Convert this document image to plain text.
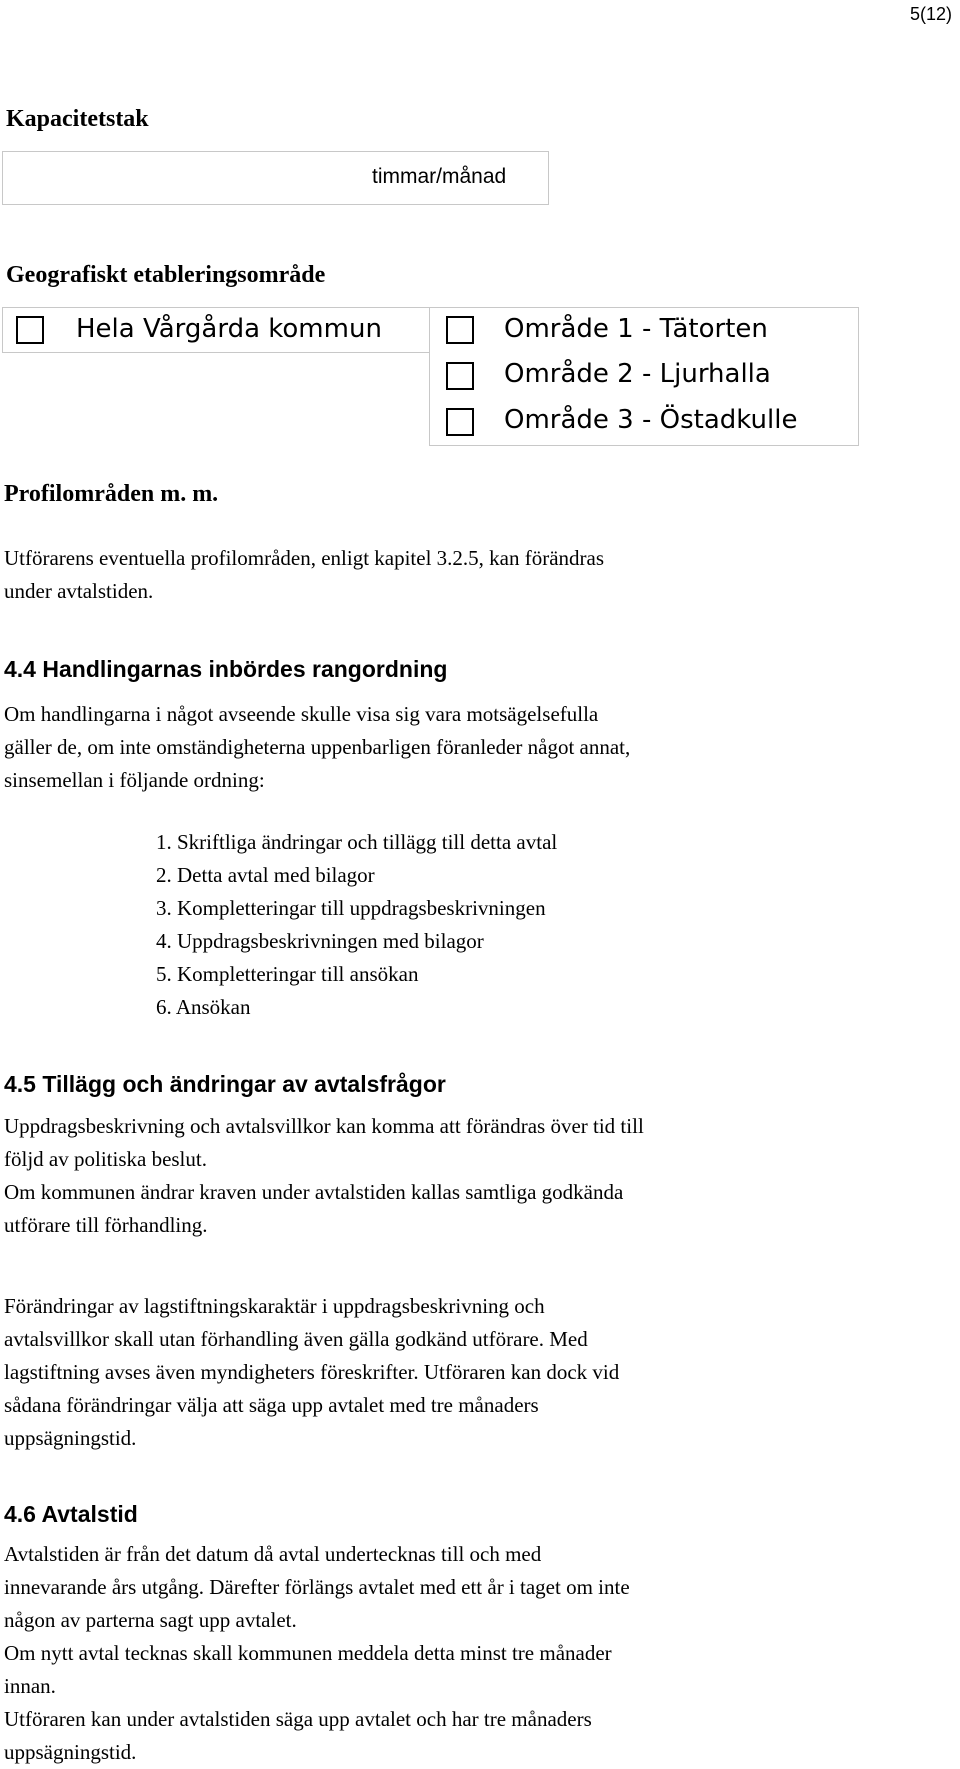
5(12)
Kapacitetstak
timmar/månad
Geografiskt etableringsområde
Hela Vårgårda kommun	Område 1 - Tätorten
Område 2 - Ljurhalla
Område 3 - Östadkulle
Profilområden m. m.
Utförarens eventuella profilområden, enligt kapitel 3.2.5, kan förändras
under avtalstiden.
4.4 Handlingarnas inbördes rangordning
Om handlingarna i något avseende skulle visa sig vara motsägelsefulla
gäller de, om inte omständigheterna uppenbarligen föranleder något annat,
sinsemellan i följande ordning:
1. Skriftliga ändringar och tillägg till detta avtal
2. Detta avtal med bilagor
3. Kompletteringar till uppdragsbeskrivningen
4. Uppdragsbeskrivningen med bilagor
5. Kompletteringar till ansökan
6. Ansökan
4.5 Tillägg och ändringar av avtalsfrågor
Uppdragsbeskrivning och avtalsvillkor kan komma att förändras över tid till
följd av politiska beslut.
Om kommunen ändrar kraven under avtalstiden kallas samtliga godkända
utförare till förhandling.
Förändringar av lagstiftningskaraktär i uppdragsbeskrivning och
avtalsvillkor skall utan förhandling även gälla godkänd utförare. Med
lagstiftning avses även myndigheters föreskrifter. Utföraren kan dock vid
sådana förändringar välja att säga upp avtalet med tre månaders
uppsägningstid.
4.6 Avtalstid
Avtalstiden är från det datum då avtal undertecknas till och med
innevarande års utgång. Därefter förlängs avtalet med ett år i taget om inte
någon av parterna sagt upp avtalet.
Om nytt avtal tecknas skall kommunen meddela detta minst tre månader
innan.
Utföraren kan under avtalstiden säga upp avtalet och har tre månaders
uppsägningstid.
